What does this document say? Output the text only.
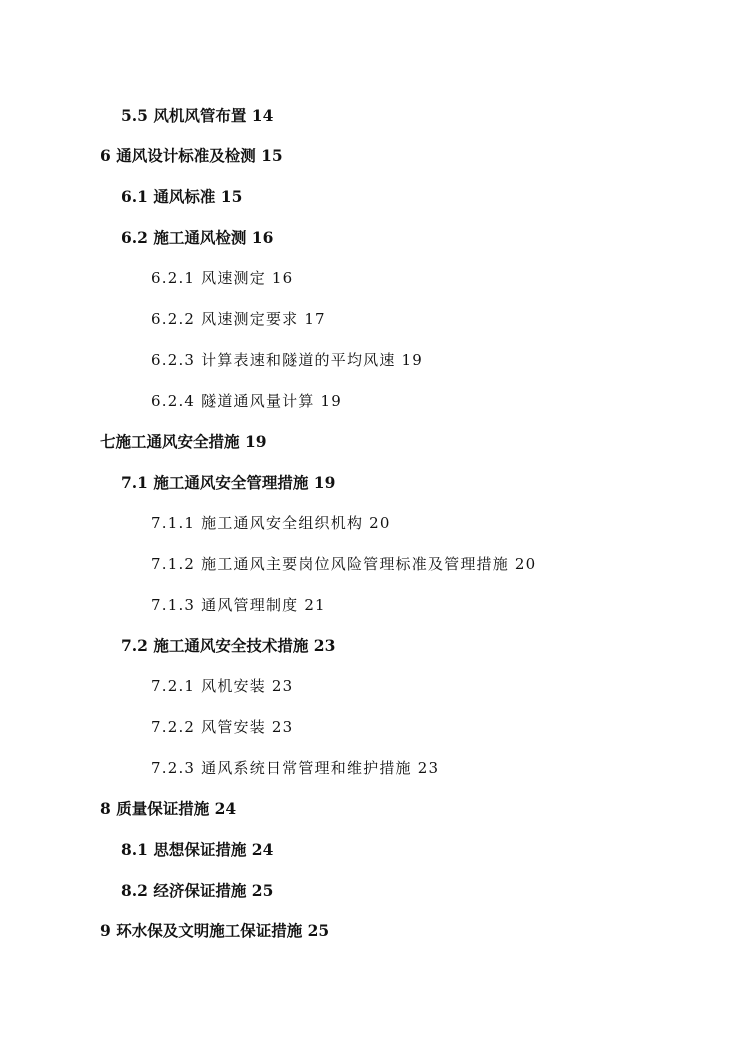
5.5 风机风管布置 14
6 通风设计标准及检测 15
6.1 通风标准 15
6.2 施工通风检测 16
6.2.1 风速测定 16
6.2.2 风速测定要求 17
6.2.3 计算表速和隧道的平均风速 19
6.2.4 隧道通风量计算 19
七施工通风安全措施 19
7.1 施工通风安全管理措施 19
7.1.1 施工通风安全组织机构 20
7.1.2 施工通风主要岗位风险管理标准及管理措施 20
7.1.3 通风管理制度 21
7.2 施工通风安全技术措施 23
7.2.1 风机安装 23
7.2.2 风管安装 23
7.2.3 通风系统日常管理和维护措施 23
8 质量保证措施 24
8.1 思想保证措施 24
8.2 经济保证措施 25
9 环水保及文明施工保证措施 25
